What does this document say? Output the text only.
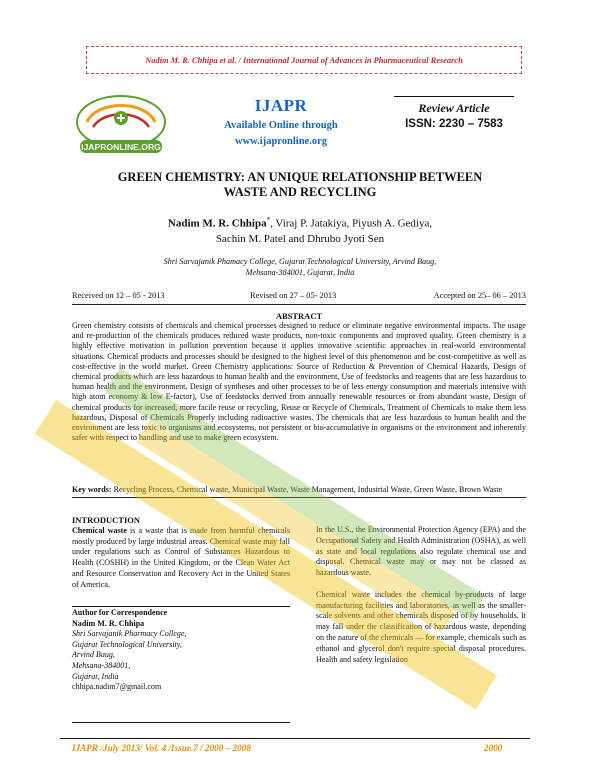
Nadim M. R. Chhipa et al. / International Journal of Advances in Pharmaceutical Research
IJAPRONLINE.ORG
IJAPR
Available Online through
www.ijapronline.org
Review Article
ISSN: 2230 – 7583
GREEN CHEMISTRY: AN UNIQUE RELATIONSHIP BETWEEN
WASTE AND RECYCLING
Nadim M. R. Chhipa*, Viraj P. Jatakiya, Piyush A. Gediya,
Sachin M. Patel and Dhrubo Jyoti Sen
Shri Sarvajanik Phamacy College, Gujarat Technological University, Arvind Baug,
Mehsana-384001, Gujarat, India
Received on 12 – 05 - 2013	Revised on 27 – 05- 2013	Accepted on 25– 06 – 2013
ABSTRACT
Green chemistry consists of chemicals and chemical processes designed to reduce or eliminate negative environmental impacts. The usage and re-production of the chemicals produces reduced waste products, non-toxic components and improved quality. Green chemistry is a highly effective motivation in pollution prevention because it applies innovative scientific approaches in real-world environmental situations. Chemical products and processes should be designed to the highest level of this phenomenon and be cost-competitive as well as cost-effective in the world market. Green Chemistry applications: Source of Reduction & Prevention of Chemical Hazards, Design of chemical products which are less hazardous to human health and the environment, Use of feedstocks and reagents that are less hazardous to human health and the environment, Design of syntheses and other processes to be of less energy consumption and materials intensive with high atom economy & low E-factor), Use of feedstocks derived from annually renewable resources or from abundant waste, Design of chemical products for increased, more facile reuse or recycling, Reuse or Recycle of Chemicals, Treatment of Chemicals to make them less hazardous, Disposal of Chemicals Properly including radioactive wastes. The chemicals that are less hazardous to human health and the environment are less toxic to organisms and ecosystems, not persistent or bio-accumulative in organisms or the environment and inherently safer with respect to handling and use to make green ecosystem.
Key words: Recycling Process, Chemical waste, Municipal Waste, Waste Management, Industrial Waste, Green Waste, Brown Waste
INTRODUCTION
Chemical waste is a waste that is made from harmful chemicals mostly produced by large industrial areas. Chemical waste may fall under regulations such as Control of Substances Hazardous to Health (COSHH) in the United Kingdom, or the Clean Water Act and Resource Conservation and Recovery Act in the United States of America.
Author for Correspondence
Nadim M. R. Chhipa
Shri Sarvajanik Pharmacy College,
Gujarat Technological University,
Arvind Baug,
Mehsana-384001,
Gujarat, India
chhipa.nadim7@gmail.com

In the U.S., the Environmental Protection Agency (EPA) and the Occupational Safety and Health Administration (OSHA), as well as state and local regulations also regulate chemical use and disposal. Chemical waste may or may not be classed as hazardous waste.

Chemical waste includes the chemical by-products of large manufacturing facilities and laboratories, as well as the smaller-scale solvents and other chemicals disposed of by households. It may fall under the classification of hazardous waste, depending on the nature of the chemicals — for example, chemicals such as ethanol and glycerol don't require special disposal procedures. Health and safety legislation

IJAPR /July 2013/ Vol. 4 /Issue.7 / 2000 – 2008	2000
